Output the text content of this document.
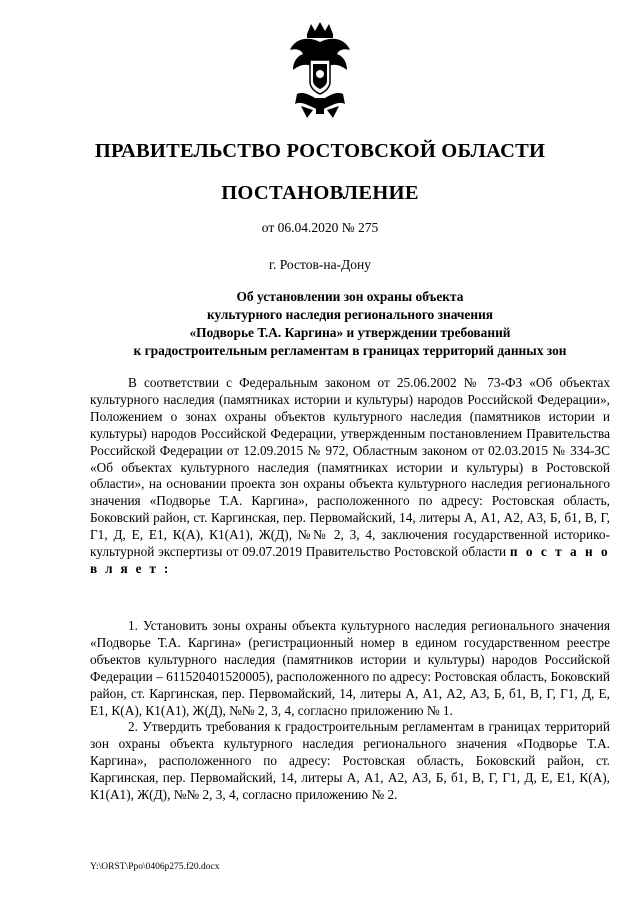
ПРАВИТЕЛЬСТВО РОСТОВСКОЙ ОБЛАСТИ
ПОСТАНОВЛЕНИЕ
от 06.04.2020 № 275
г. Ростов-на-Дону
Об установлении зон охраны объекта
культурного наследия регионального значения
«Подворье Т.А. Каргина» и утверждении требований
к градостроительным регламентам в границах территорий данных зон

В соответствии с Федеральным законом от 25.06.2002 № 73-ФЗ «Об объектах культурного наследия (памятниках истории и культуры) народов Российской Федерации», Положением о зонах охраны объектов культурного наследия (памятников истории и культуры) народов Российской Федерации, утвержденным постановлением Правительства Российской Федерации от 12.09.2015 № 972, Областным законом от 02.03.2015 № 334-ЗС «Об объектах культурного наследия (памятниках истории и культуры) в Ростовской области», на основании проекта зон охраны объекта культурного наследия регионального значения «Подворье Т.А. Каргина», расположенного по адресу: Ростовская область, Боковский район, ст. Каргинская, пер. Первомайский, 14, литеры А, А1, А2, А3, Б, б1, В, Г, Г1, Д, Е, Е1, К(А), К1(А1), Ж(Д), №№ 2, 3, 4, заключения государственной историко-культурной экспертизы от 09.07.2019 Правительство Ростовской области п о с т а н о в л я е т :

1. Установить зоны охраны объекта культурного наследия регионального значения «Подворье Т.А. Каргина» (регистрационный номер в едином государственном реестре объектов культурного наследия (памятников истории и культуры) народов Российской Федерации – 611520401520005), расположенного по адресу: Ростовская область, Боковский район, ст. Каргинская, пер. Первомайский, 14, литеры А, А1, А2, А3, Б, б1, В, Г, Г1, Д, Е, Е1, К(А), К1(А1), Ж(Д), №№ 2, 3, 4, согласно приложению № 1.

2. Утвердить требования к градостроительным регламентам в границах территорий зон охраны объекта культурного наследия регионального значения «Подворье Т.А. Каргина», расположенного по адресу: Ростовская область, Боковский район, ст. Каргинская, пер. Первомайский, 14, литеры А, А1, А2, А3, Б, б1, В, Г, Г1, Д, Е, Е1, К(А), К1(А1), Ж(Д), №№ 2, 3, 4, согласно приложению № 2.

Y:\ORST\Ppo\0406p275.f20.docx
